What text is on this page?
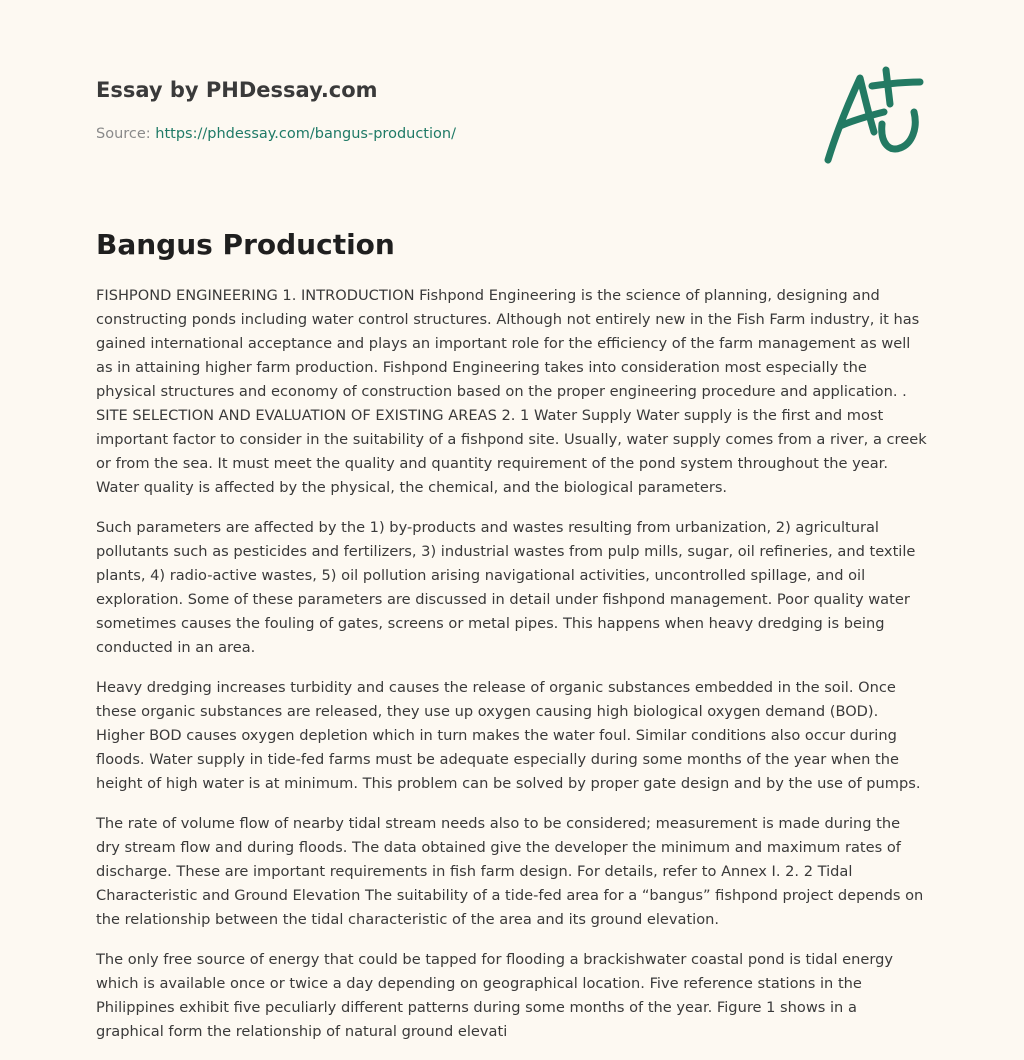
Essay by PHDessay.com
Source: https://phdessay.com/bangus-production/
Bangus Production

FISHPOND ENGINEERING 1. INTRODUCTION Fishpond Engineering is the science of planning, designing and constructing ponds including water control structures. Although not entirely new in the Fish Farm industry, it has gained international acceptance and plays an important role for the efficiency of the farm management as well as in attaining higher farm production. Fishpond Engineering takes into consideration most especially the physical structures and economy of construction based on the proper engineering procedure and application. . SITE SELECTION AND EVALUATION OF EXISTING AREAS 2. 1 Water Supply Water supply is the first and most important factor to consider in the suitability of a fishpond site. Usually, water supply comes from a river, a creek or from the sea. It must meet the quality and quantity requirement of the pond system throughout the year. Water quality is affected by the physical, the chemical, and the biological parameters.

Such parameters are affected by the 1) by-products and wastes resulting from urbanization, 2) agricultural pollutants such as pesticides and fertilizers, 3) industrial wastes from pulp mills, sugar, oil refineries, and textile plants, 4) radio-active wastes, 5) oil pollution arising navigational activities, uncontrolled spillage, and oil exploration. Some of these parameters are discussed in detail under fishpond management. Poor quality water sometimes causes the fouling of gates, screens or metal pipes. This happens when heavy dredging is being conducted in an area.

Heavy dredging increases turbidity and causes the release of organic substances embedded in the soil. Once these organic substances are released, they use up oxygen causing high biological oxygen demand (BOD). Higher BOD causes oxygen depletion which in turn makes the water foul. Similar conditions also occur during floods. Water supply in tide-fed farms must be adequate especially during some months of the year when the height of high water is at minimum. This problem can be solved by proper gate design and by the use of pumps.

The rate of volume flow of nearby tidal stream needs also to be considered; measurement is made during the dry stream flow and during floods. The data obtained give the developer the minimum and maximum rates of discharge. These are important requirements in fish farm design. For details, refer to Annex I. 2. 2 Tidal Characteristic and Ground Elevation The suitability of a tide-fed area for a “bangus” fishpond project depends on the relationship between the tidal characteristic of the area and its ground elevation.

The only free source of energy that could be tapped for flooding a brackishwater coastal pond is tidal energy which is available once or twice a day depending on geographical location. Five reference stations in the Philippines exhibit five peculiarly different patterns during some months of the year. Figure 1 shows in a graphical form the relationship of natural ground elevati
